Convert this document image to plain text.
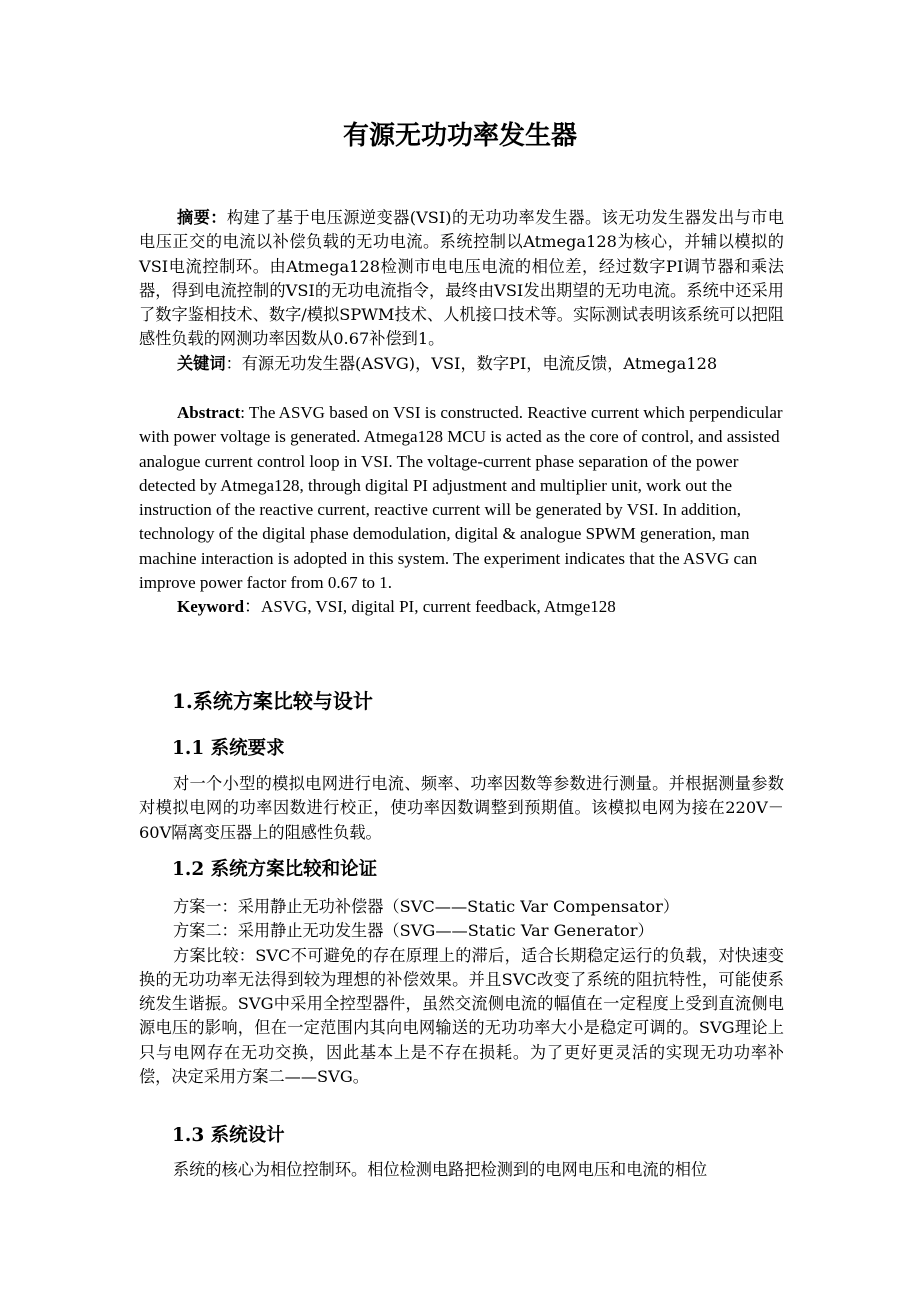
有源无功功率发生器

摘要：构建了基于电压源逆变器(VSI)的无功功率发生器。该无功发生器发出与市电电压正交的电流以补偿负载的无功电流。系统控制以Atmega128为核心，并辅以模拟的VSI电流控制环。由Atmega128检测市电电压电流的相位差，经过数字PI调节器和乘法器，得到电流控制的VSI的无功电流指令，最终由VSI发出期望的无功电流。系统中还采用了数字鉴相技术、数字/模拟SPWM技术、人机接口技术等。实际测试表明该系统可以把阻感性负载的网测功率因数从0.67补偿到1。

关键词：有源无功发生器(ASVG)，VSI，数字PI，电流反馈，Atmega128

Abstract: The ASVG based on VSI is constructed. Reactive current which perpendicular with power voltage is generated. Atmega128 MCU is acted as the core of control, and assisted analogue current control loop in VSI. The voltage-current phase separation of the power detected by Atmega128, through digital PI adjustment and multiplier unit, work out the instruction of the reactive current, reactive current will be generated by VSI. In addition, technology of the digital phase demodulation, digital & analogue SPWM generation, man machine interaction is adopted in this system. The experiment indicates that the ASVG can improve power factor from 0.67 to 1.

Keyword：ASVG, VSI, digital PI, current feedback, Atmge128

1.系统方案比较与设计
1.1 系统要求

对一个小型的模拟电网进行电流、频率、功率因数等参数进行测量。并根据测量参数对模拟电网的功率因数进行校正，使功率因数调整到预期值。该模拟电网为接在220V－60V隔离变压器上的阻感性负载。

1.2 系统方案比较和论证

方案一：采用静止无功补偿器（SVC——Static Var Compensator）

方案二：采用静止无功发生器（SVG——Static Var Generator）

方案比较：SVC不可避免的存在原理上的滞后，适合长期稳定运行的负载，对快速变换的无功功率无法得到较为理想的补偿效果。并且SVC改变了系统的阻抗特性，可能使系统发生谐振。SVG中采用全控型器件，虽然交流侧电流的幅值在一定程度上受到直流侧电源电压的影响，但在一定范围内其向电网输送的无功功率大小是稳定可调的。SVG理论上只与电网存在无功交换，因此基本上是不存在损耗。为了更好更灵活的实现无功功率补偿，决定采用方案二——SVG。

1.3 系统设计

系统的核心为相位控制环。相位检测电路把检测到的电网电压和电流的相位
